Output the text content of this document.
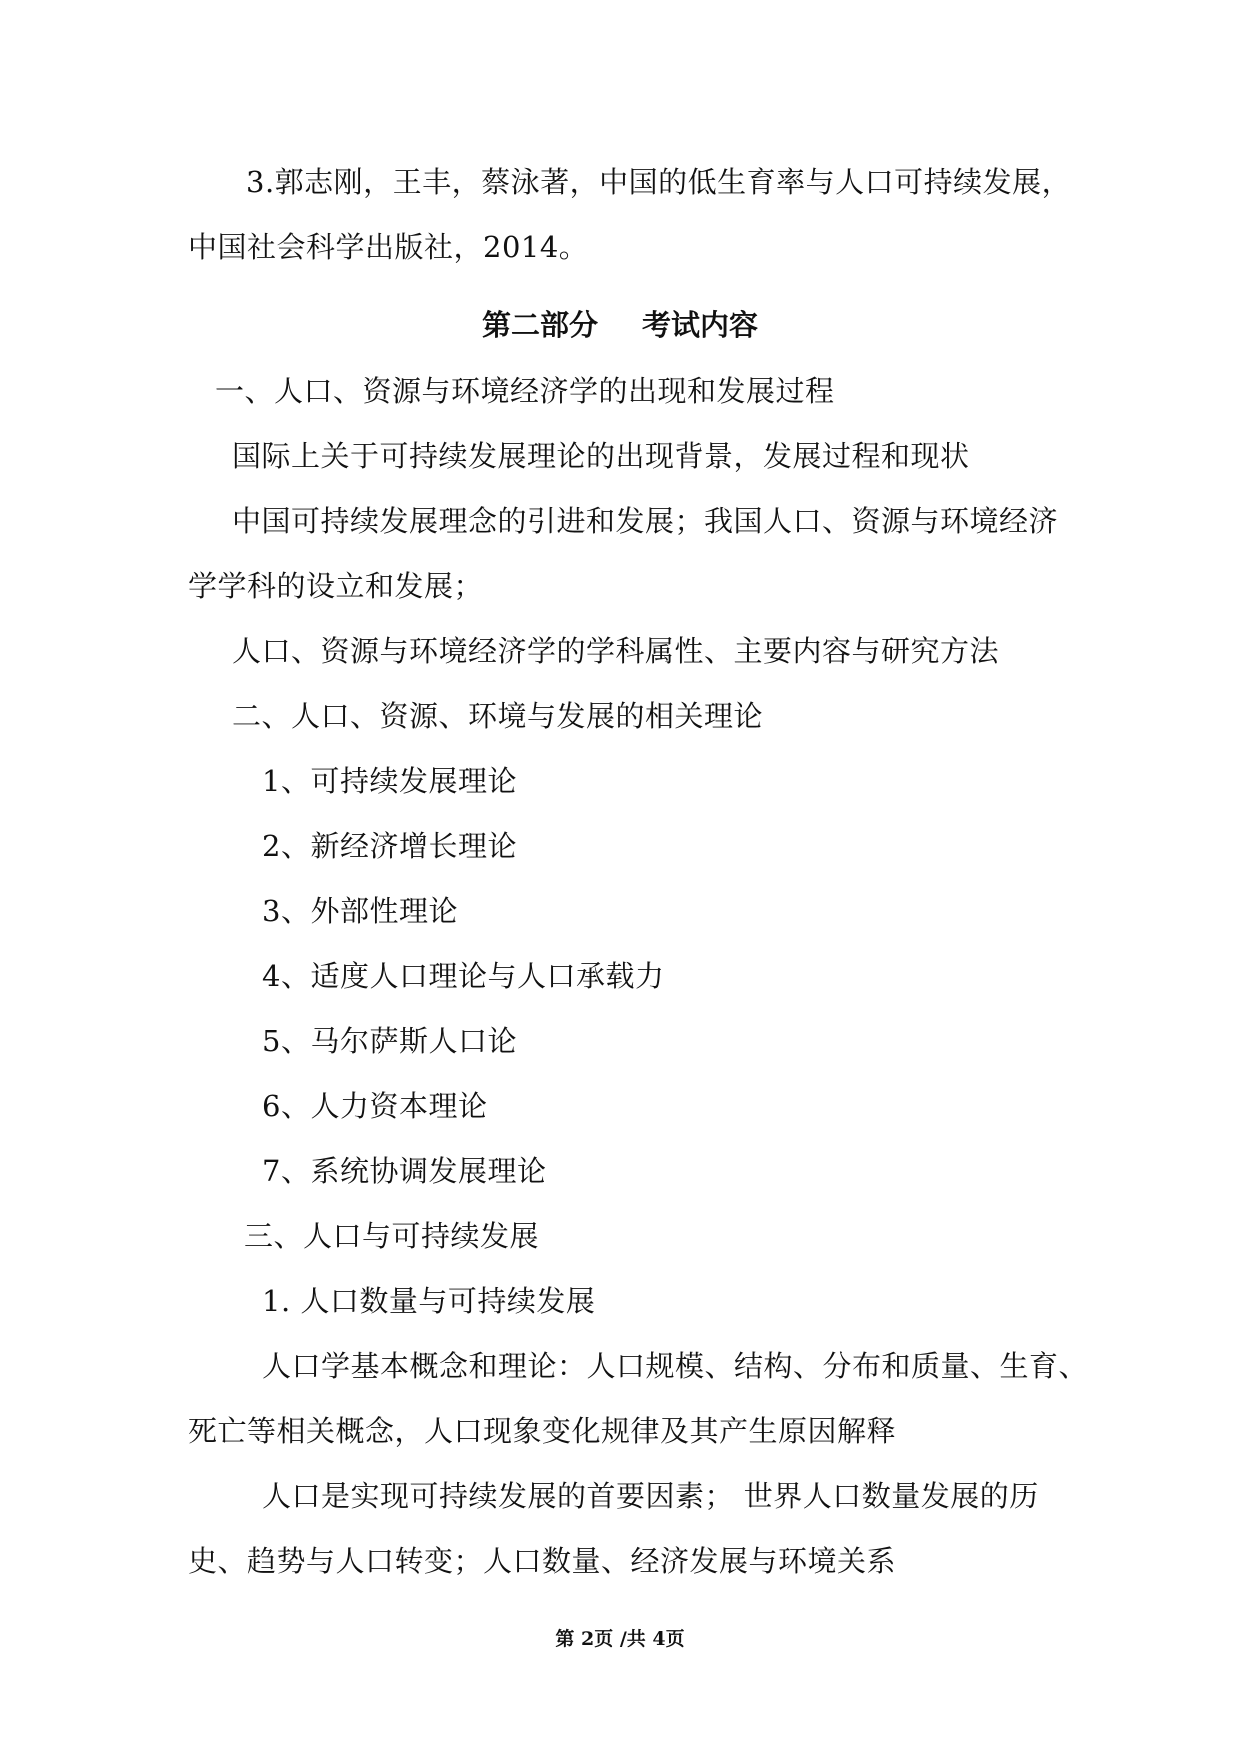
3.郭志刚，王丰，蔡泳著，中国的低生育率与人口可持续发展，
中国社会科学出版社，2014。
第二部分 考试内容
一、人口、资源与环境经济学的出现和发展过程
国际上关于可持续发展理论的出现背景，发展过程和现状
中国可持续发展理念的引进和发展；我国人口、资源与环境经济
学学科的设立和发展；
人口、资源与环境经济学的学科属性、主要内容与研究方法
二、人口、资源、环境与发展的相关理论
1、可持续发展理论
2、新经济增长理论
3、外部性理论
4、适度人口理论与人口承载力
5、马尔萨斯人口论
6、人力资本理论
7、系统协调发展理论
三、人口与可持续发展
1. 人口数量与可持续发展
人口学基本概念和理论：人口规模、结构、分布和质量、生育、
死亡等相关概念，人口现象变化规律及其产生原因解释
人口是实现可持续发展的首要因素； 世界人口数量发展的历
史、趋势与人口转变；人口数量、经济发展与环境关系
第 2页 /共 4页
